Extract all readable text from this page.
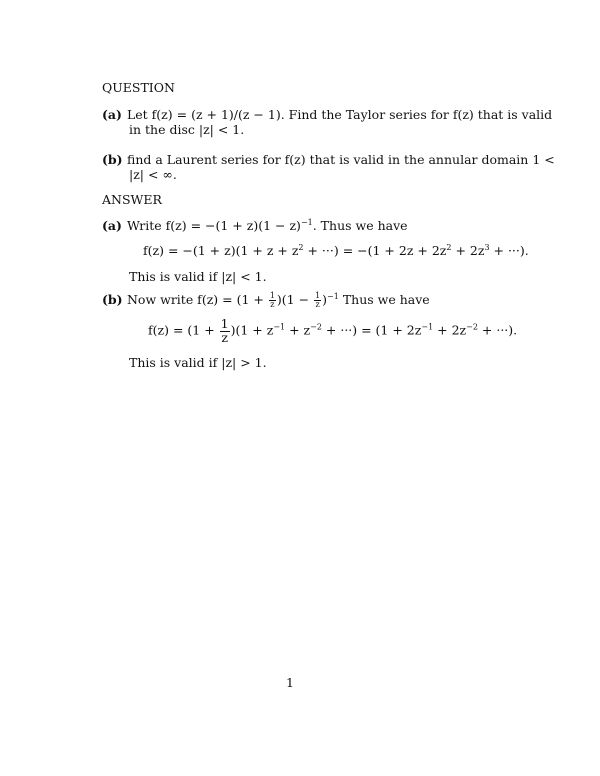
QUESTION
(a) Let f(z) = (z + 1)/(z − 1). Find the Taylor series for f(z) that is valid
in the disc |z| < 1.
(b) find a Laurent series for f(z) that is valid in the annular domain 1 <
|z| < ∞.
ANSWER
(a) Write $f(z) = -(1 + z)(1 - z)^{-1}$. Thus we have
$f(z) = -(1 + z)(1 + z + z^2$ + ···) = $-(1 + 2z + 2z^2 + 2z^3$ + ···).
This is valid if |z| < 1.
(b) Now write $f(z) = (1 + \frac{1}{z} )(1 - \frac{1}{z} )^{-1}$ Thus we have
$f(z) = (1 + \frac{1}{z} )(1 + z^{-1} + z^{-2}$ + ···) = ($1 + 2z^{-1} + 2z^{-2}$ + ···).
This is valid if |z| > 1.
1
